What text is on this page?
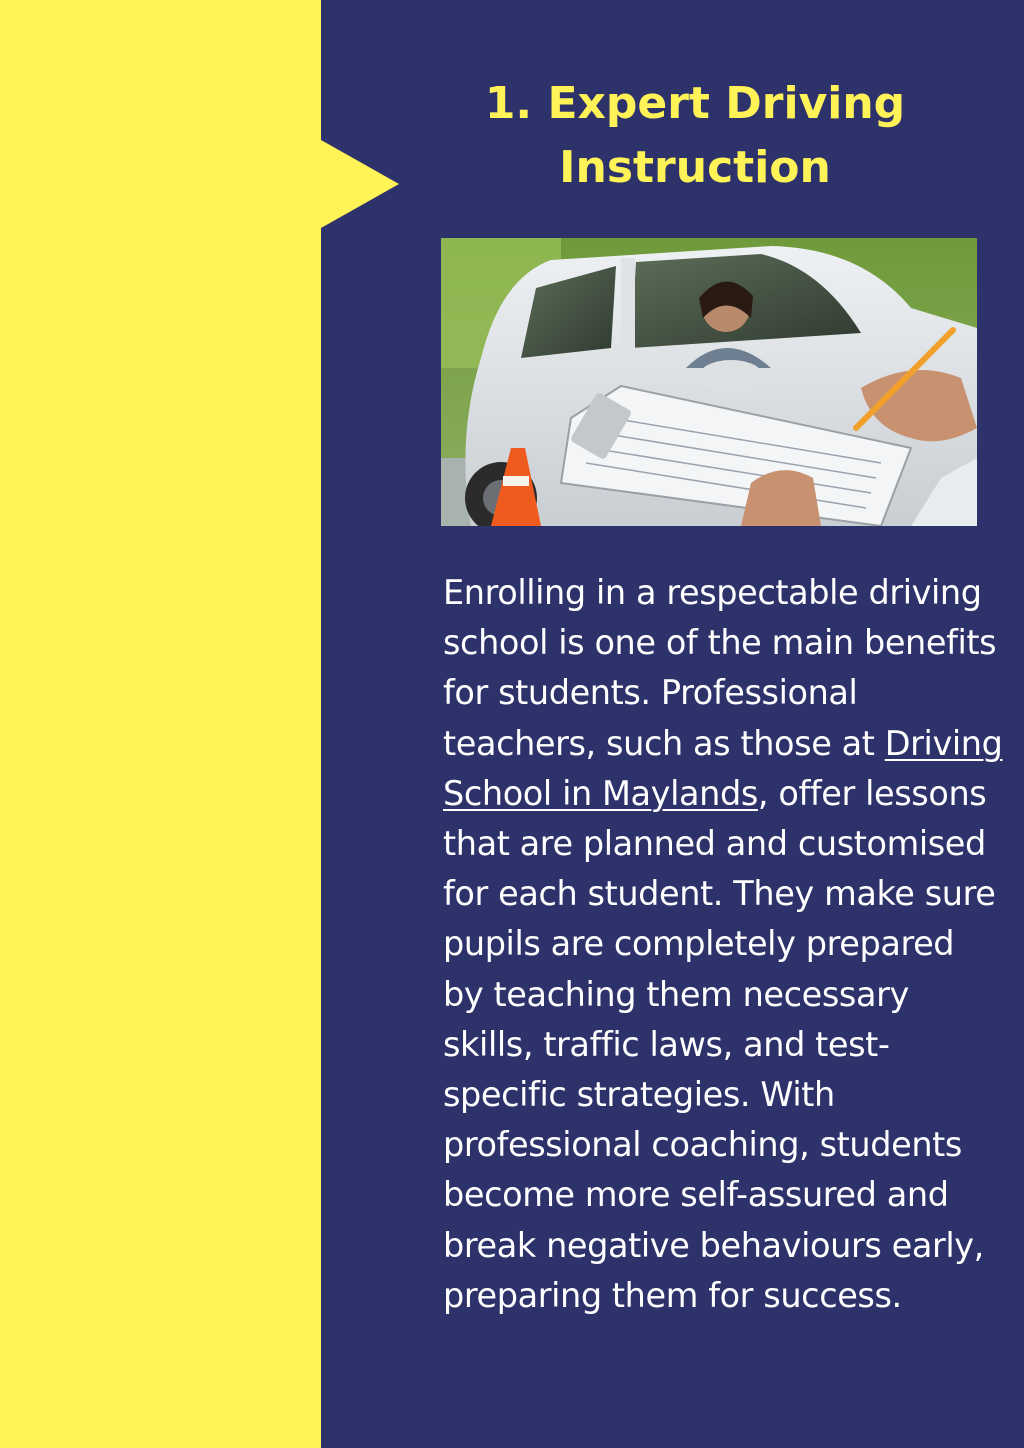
1. Expert Driving
Instruction

Enrolling in a respectable driving school is one of the main benefits for students. Professional teachers, such as those at Driving School in Maylands, offer lessons that are planned and customised for each student. They make sure pupils are completely prepared by teaching them necessary skills, traffic laws, and test-specific strategies. With professional coaching, students become more self-assured and break negative behaviours early, preparing them for success.
